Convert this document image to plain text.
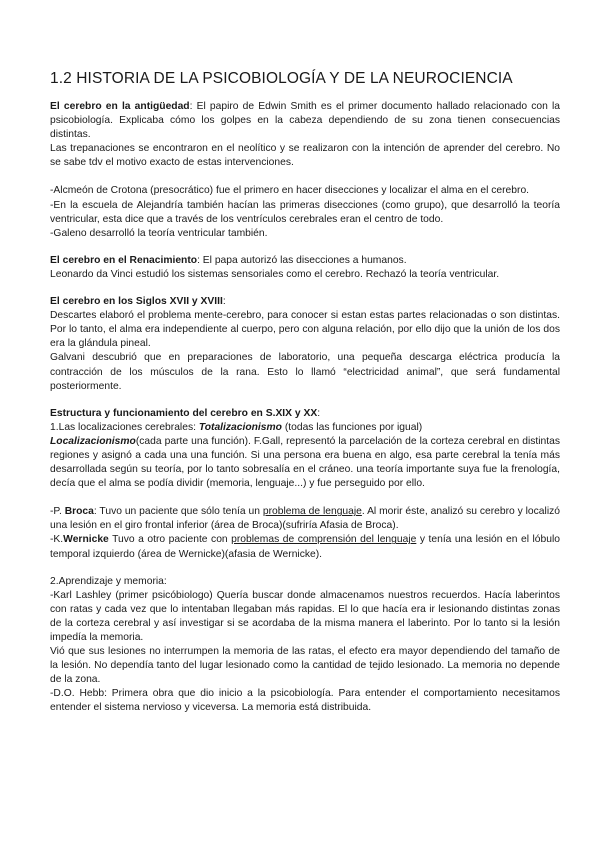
1.2 HISTORIA DE LA PSICOBIOLOGÍA Y DE LA NEUROCIENCIA

El cerebro en la antigüedad: El papiro de Edwin Smith es el primer documento hallado relacionado con la psicobiología. Explicaba cómo los golpes en la cabeza dependiendo de su zona tienen consecuencias distintas.

Las trepanaciones se encontraron en el neolítico y se realizaron con la intención de aprender del cerebro. No se sabe tdv el motivo exacto de estas intervenciones.

-Alcmeón de Crotona (presocrático) fue el primero en hacer disecciones y localizar el alma en el cerebro.

-En la escuela de Alejandría también hacían las primeras disecciones (como grupo), que desarrolló la teoría ventricular, esta dice que a través de los ventrículos cerebrales eran el centro de todo.

-Galeno desarrolló la teoría ventricular también.

El cerebro en el Renacimiento: El papa autorizó las disecciones a humanos.

Leonardo da Vinci estudió los sistemas sensoriales como el cerebro. Rechazó la teoría ventricular.

El cerebro en los Siglos XVII y XVIII:

Descartes elaboró el problema mente-cerebro, para conocer si estan estas partes relacionadas o son distintas. Por lo tanto, el alma era independiente al cuerpo, pero con alguna relación, por ello dijo que la unión de los dos era la glándula pineal.

Galvani descubrió que en preparaciones de laboratorio, una pequeña descarga eléctrica producía la contracción de los músculos de la rana. Esto lo llamó “electricidad animal”, que será fundamental posteriormente.

Estructura y funcionamiento del cerebro en S.XIX y XX:

1.Las localizaciones cerebrales: Totalizacionismo (todas las funciones por igual)

Localizacionismo(cada parte una función). F.Gall, representó la parcelación de la corteza cerebral en distintas regiones y asignó a cada una una función. Si una persona era buena en algo, esa parte cerebral la tenía más desarrollada según su teoría, por lo tanto sobresalía en el cráneo. una teoría importante suya fue la frenología, decía que el alma se podía dividir (memoria, lenguaje...) y fue perseguido por ello.

-P. Broca: Tuvo un paciente que sólo tenía un problema de lenguaje. Al morir éste, analizó su cerebro y localizó una lesión en el giro frontal inferior (área de Broca)(sufriría Afasia de Broca).

-K.Wernicke Tuvo a otro paciente con problemas de comprensión del lenguaje y tenía una lesión en el lóbulo temporal izquierdo (área de Wernicke)(afasia de Wernicke).

2.Aprendizaje y memoria:

-Karl Lashley (primer psicóbiologo) Quería buscar donde almacenamos nuestros recuerdos. Hacía laberintos con ratas y cada vez que lo intentaban llegaban más rapidas. El lo que hacía era ir lesionando distintas zonas de la corteza cerebral y así investigar si se acordaba de la misma manera el laberinto. Por lo tanto si la lesión impedía la memoria.

Vió que sus lesiones no interrumpen la memoria de las ratas, el efecto era mayor dependiendo del tamaño de la lesión. No dependía tanto del lugar lesionado como la cantidad de tejido lesionado. La memoria no depende de la zona.

-D.O. Hebb: Primera obra que dio inicio a la psicobiología. Para entender el comportamiento necesitamos entender el sistema nervioso y viceversa. La memoria está distribuida.
